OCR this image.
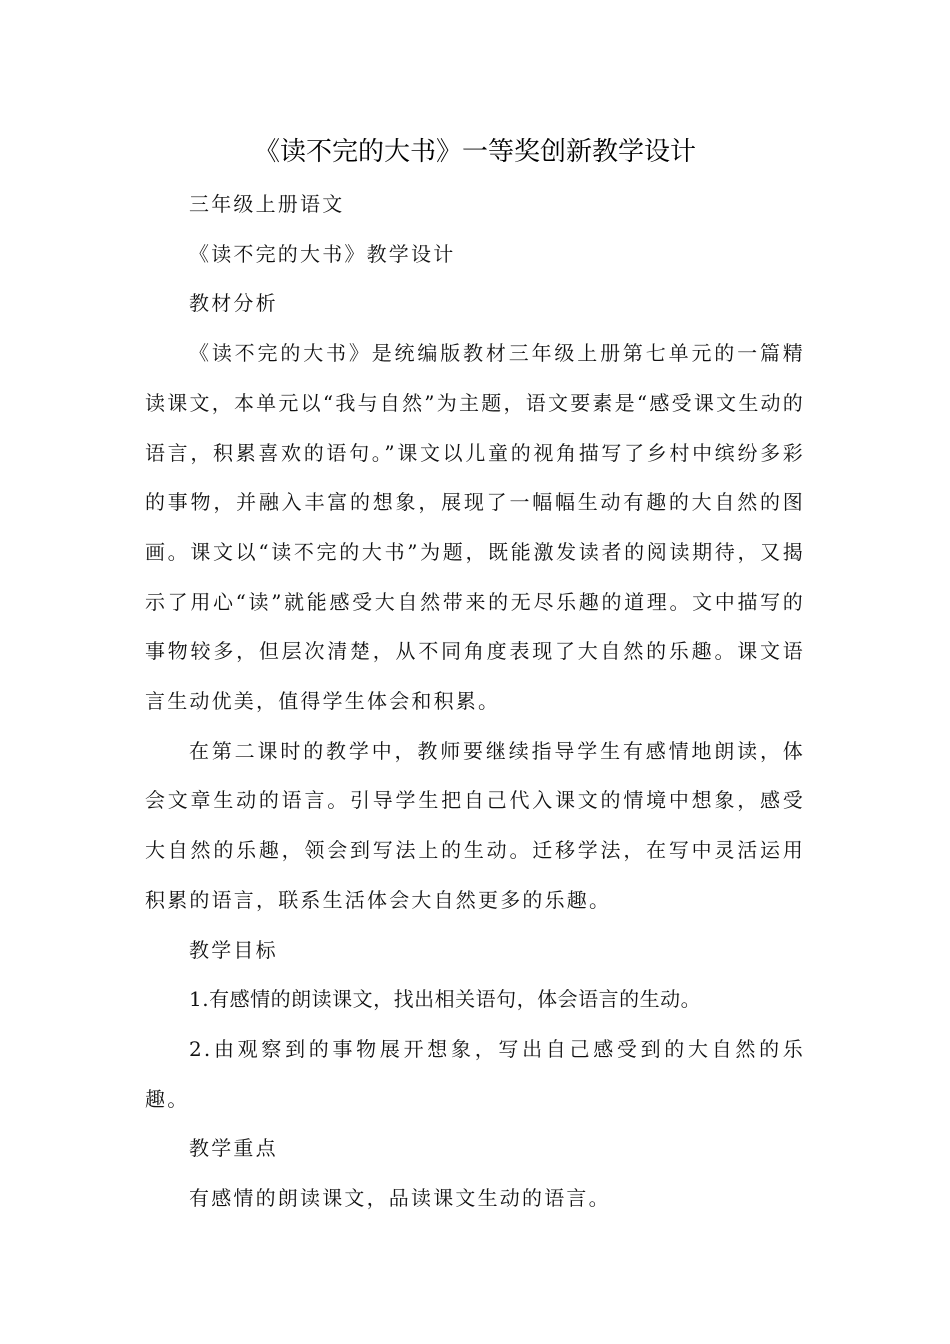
《读不完的大书》一等奖创新教学设计

三年级上册语文

《读不完的大书》教学设计

教材分析

《读不完的大书》是统编版教材三年级上册第七单元的一篇精读课文，本单元以“我与自然”为主题，语文要素是“感受课文生动的语言，积累喜欢的语句。”课文以儿童的视角描写了乡村中缤纷多彩的事物，并融入丰富的想象，展现了一幅幅生动有趣的大自然的图画。课文以“读不完的大书”为题，既能激发读者的阅读期待，又揭示了用心“读”就能感受大自然带来的无尽乐趣的道理。文中描写的事物较多，但层次清楚，从不同角度表现了大自然的乐趣。课文语言生动优美，值得学生体会和积累。

在第二课时的教学中，教师要继续指导学生有感情地朗读，体会文章生动的语言。引导学生把自己代入课文的情境中想象，感受大自然的乐趣，领会到写法上的生动。迁移学法，在写中灵活运用积累的语言，联系生活体会大自然更多的乐趣。

教学目标

1.有感情的朗读课文，找出相关语句，体会语言的生动。

2.由观察到的事物展开想象，写出自己感受到的大自然的乐趣。

教学重点

有感情的朗读课文，品读课文生动的语言。
